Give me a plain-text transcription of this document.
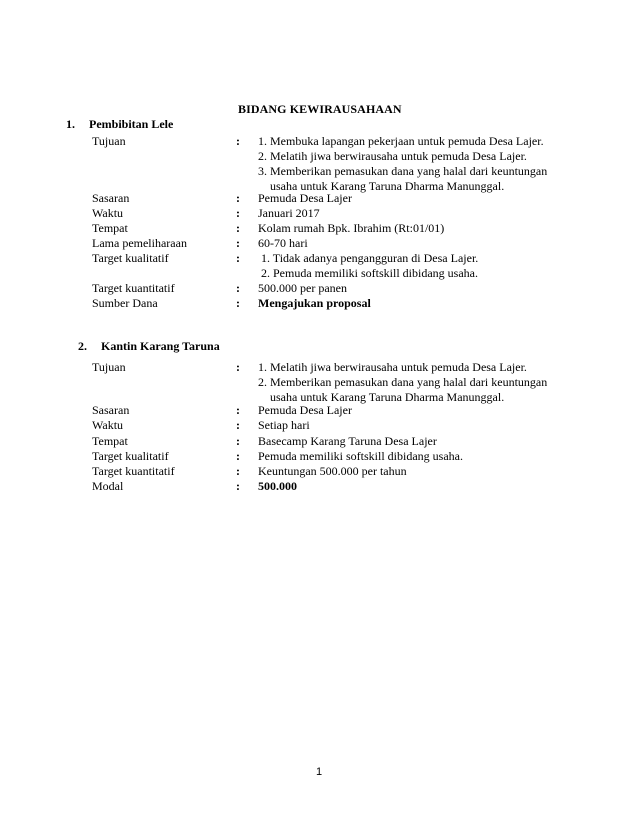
BIDANG KEWIRAUSAHAAN
1. Pembibitan Lele
Tujuan	: 1. Membuka lapangan pekerjaan untuk pemuda Desa Lajer.
2. Melatih jiwa berwirausaha untuk pemuda Desa Lajer.
3. Memberikan pemasukan dana yang halal dari keuntungan
usaha untuk Karang Taruna Dharma Manunggal.
Sasaran	: Pemuda Desa Lajer
Waktu	: Januari 2017
Tempat	: Kolam rumah Bpk. Ibrahim (Rt:01/01)
Lama pemeliharaan	: 60-70 hari
Target kualitatif	: 1. Tidak adanya pengangguran di Desa Lajer.
2. Pemuda memiliki softskill dibidang usaha.
Target kuantitatif	: 500.000 per panen
Sumber Dana	: Mengajukan proposal
2. Kantin Karang Taruna
Tujuan	: 1. Melatih jiwa berwirausaha untuk pemuda Desa Lajer.
2. Memberikan pemasukan dana yang halal dari keuntungan
usaha untuk Karang Taruna Dharma Manunggal.
Sasaran	: Pemuda Desa Lajer
Waktu	: Setiap hari
Tempat	: Basecamp Karang Taruna Desa Lajer
Target kualitatif	: Pemuda memiliki softskill dibidang usaha.
Target kuantitatif	: Keuntungan 500.000 per tahun
Modal	: 500.000
1
